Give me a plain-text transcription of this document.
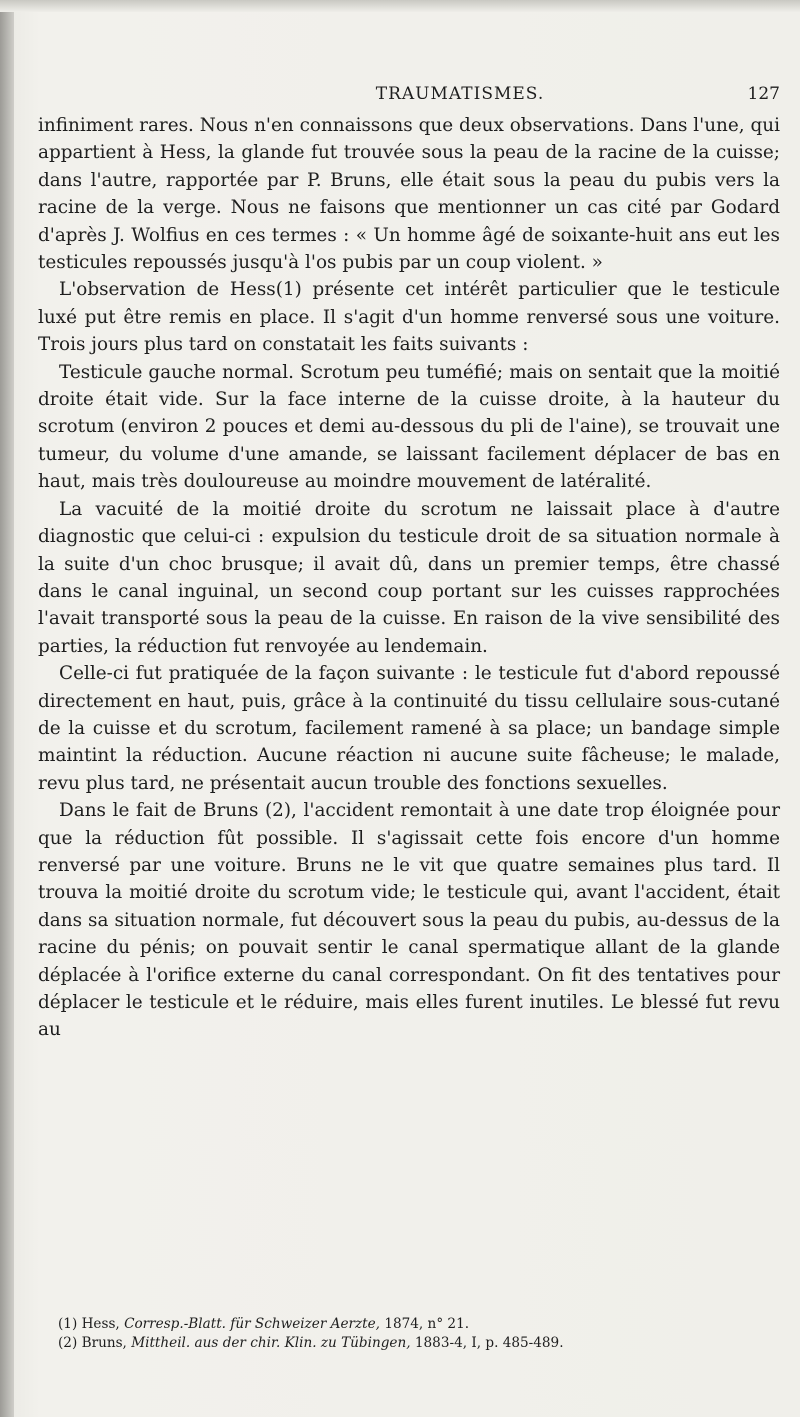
TRAUMATISMES.	127

infiniment rares. Nous n'en connaissons que deux observations. Dans l'une, qui appartient à Hess, la glande fut trouvée sous la peau de la racine de la cuisse; dans l'autre, rapportée par P. Bruns, elle était sous la peau du pubis vers la racine de la verge. Nous ne faisons que mentionner un cas cité par Godard d'après J. Wolfius en ces termes : « Un homme âgé de soixante-huit ans eut les testicules repoussés jusqu'à l'os pubis par un coup violent. »

L'observation de Hess(1) présente cet intérêt particulier que le testicule luxé put être remis en place. Il s'agit d'un homme renversé sous une voiture. Trois jours plus tard on constatait les faits suivants :

Testicule gauche normal. Scrotum peu tuméfié; mais on sentait que la moitié droite était vide. Sur la face interne de la cuisse droite, à la hauteur du scrotum (environ 2 pouces et demi au-dessous du pli de l'aine), se trouvait une tumeur, du volume d'une amande, se laissant facilement déplacer de bas en haut, mais très douloureuse au moindre mouvement de latéralité.

La vacuité de la moitié droite du scrotum ne laissait place à d'autre diagnostic que celui-ci : expulsion du testicule droit de sa situation normale à la suite d'un choc brusque; il avait dû, dans un premier temps, être chassé dans le canal inguinal, un second coup portant sur les cuisses rapprochées l'avait transporté sous la peau de la cuisse. En raison de la vive sensibilité des parties, la réduction fut renvoyée au lendemain.

Celle-ci fut pratiquée de la façon suivante : le testicule fut d'abord repoussé directement en haut, puis, grâce à la continuité du tissu cellulaire sous-cutané de la cuisse et du scrotum, facilement ramené à sa place; un bandage simple maintint la réduction. Aucune réaction ni aucune suite fâcheuse; le malade, revu plus tard, ne présentait aucun trouble des fonctions sexuelles.

Dans le fait de Bruns (2), l'accident remontait à une date trop éloignée pour que la réduction fût possible. Il s'agissait cette fois encore d'un homme renversé par une voiture. Bruns ne le vit que quatre semaines plus tard. Il trouva la moitié droite du scrotum vide; le testicule qui, avant l'accident, était dans sa situation normale, fut découvert sous la peau du pubis, au-dessus de la racine du pénis; on pouvait sentir le canal spermatique allant de la glande déplacée à l'orifice externe du canal correspondant. On fit des tentatives pour déplacer le testicule et le réduire, mais elles furent inutiles. Le blessé fut revu au

(1) Hess, Corresp.-Blatt. für Schweizer Aerzte, 1874, n° 21.

(2) Bruns, Mittheil. aus der chir. Klin. zu Tübingen, 1883-4, I, p. 485-489.
